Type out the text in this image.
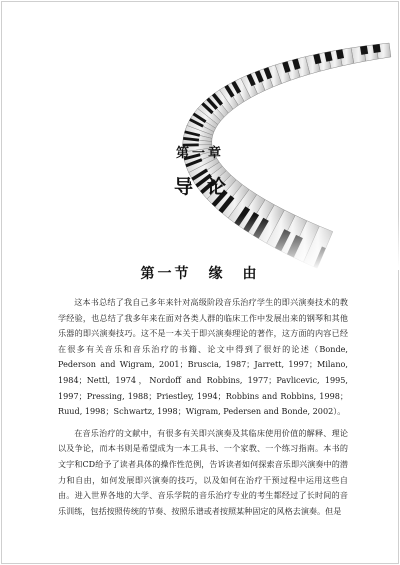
第一章
导论
第一节　缘　由

这本书总结了我自己多年来针对高级阶段音乐治疗学生的即兴演奏技术的教学经验，也总结了我多年来在面对各类人群的临床工作中发展出来的钢琴和其他乐器的即兴演奏技巧。这不是一本关于即兴演奏理论的著作，这方面的内容已经在很多有关音乐和音乐治疗的书籍、论文中得到了很好的论述（Bonde, Pederson and Wigram, 2001；Bruscia, 1987；Jarrett, 1997；Milano, 1984；Nettl, 1974，Nordoff and Robbins, 1977；Pavlicevic, 1995, 1997；Pressing, 1988；Priestley, 1994；Robbins and Robbins, 1998；Ruud, 1998；Schwartz, 1998；Wigram, Pedersen and Bonde, 2002）。

在音乐治疗的文献中，有很多有关即兴演奏及其临床使用价值的解释、理论以及争论，而本书则是希望成为一本工具书、一个家教、一个练习指南。本书的文字和CD给予了读者具体的操作性范例，告诉读者如何探索音乐即兴演奏中的潜力和自由，如何发展即兴演奏的技巧，以及如何在治疗干预过程中运用这些自由。进入世界各地的大学、音乐学院的音乐治疗专业的考生都经过了长时间的音乐训练，包括按照传统的节奏、按照乐谱或者按照某种固定的风格去演奏。但是
